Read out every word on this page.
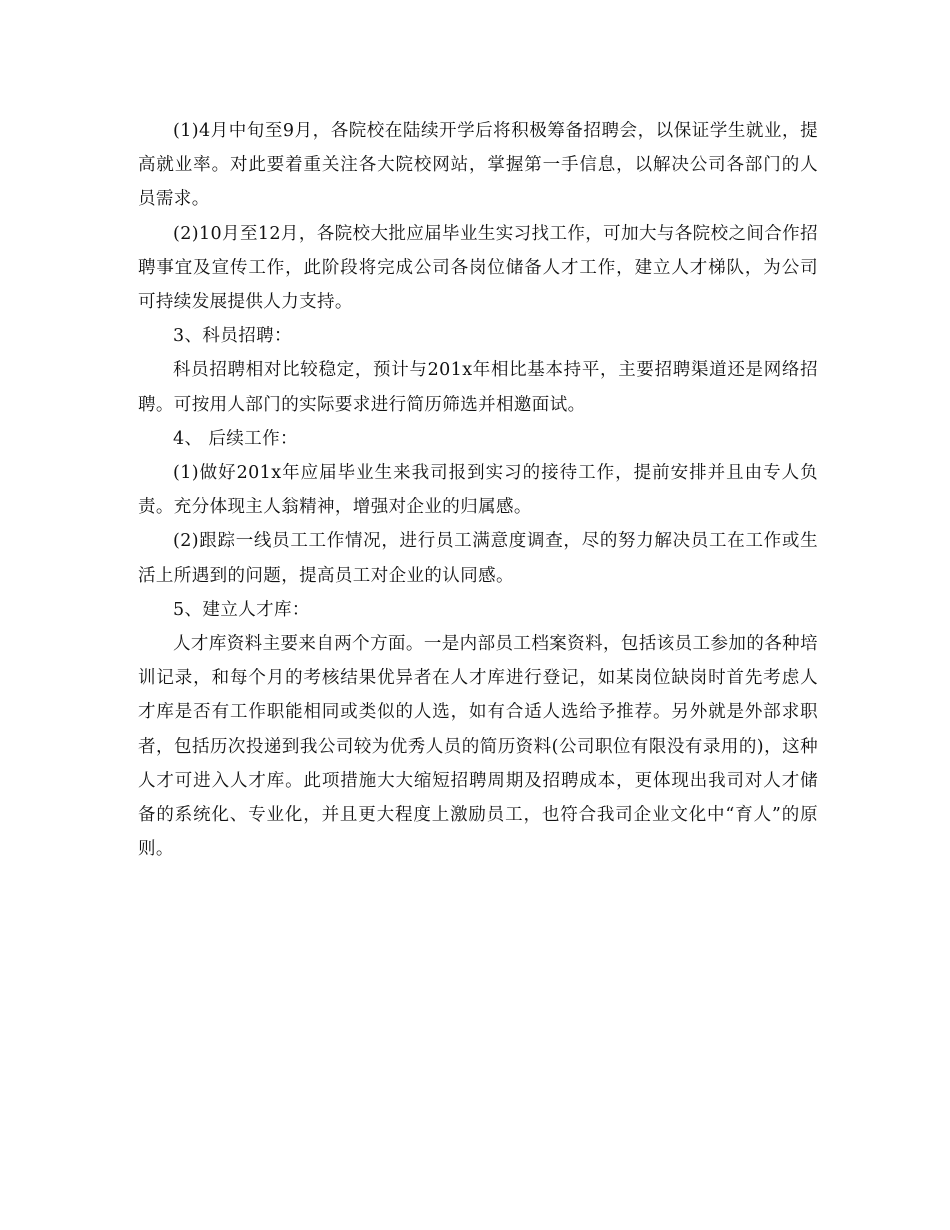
(1)4月中旬至9月，各院校在陆续开学后将积极筹备招聘会，以保证学生就业，提高就业率。对此要着重关注各大院校网站，掌握第一手信息，以解决公司各部门的人员需求。

(2)10月至12月，各院校大批应届毕业生实习找工作，可加大与各院校之间合作招聘事宜及宣传工作，此阶段将完成公司各岗位储备人才工作，建立人才梯队，为公司可持续发展提供人力支持。

3、科员招聘：

科员招聘相对比较稳定，预计与201x年相比基本持平，主要招聘渠道还是网络招聘。可按用人部门的实际要求进行简历筛选并相邀面试。

4、 后续工作：

(1)做好201x年应届毕业生来我司报到实习的接待工作，提前安排并且由专人负责。充分体现主人翁精神，增强对企业的归属感。

(2)跟踪一线员工工作情况，进行员工满意度调查，尽的努力解决员工在工作或生活上所遇到的问题，提高员工对企业的认同感。

5、建立人才库：

人才库资料主要来自两个方面。一是内部员工档案资料，包括该员工参加的各种培训记录，和每个月的考核结果优异者在人才库进行登记，如某岗位缺岗时首先考虑人才库是否有工作职能相同或类似的人选，如有合适人选给予推荐。另外就是外部求职者，包括历次投递到我公司较为优秀人员的简历资料(公司职位有限没有录用的)，这种人才可进入人才库。此项措施大大缩短招聘周期及招聘成本，更体现出我司对人才储备的系统化、专业化，并且更大程度上激励员工，也符合我司企业文化中“育人”的原则。
